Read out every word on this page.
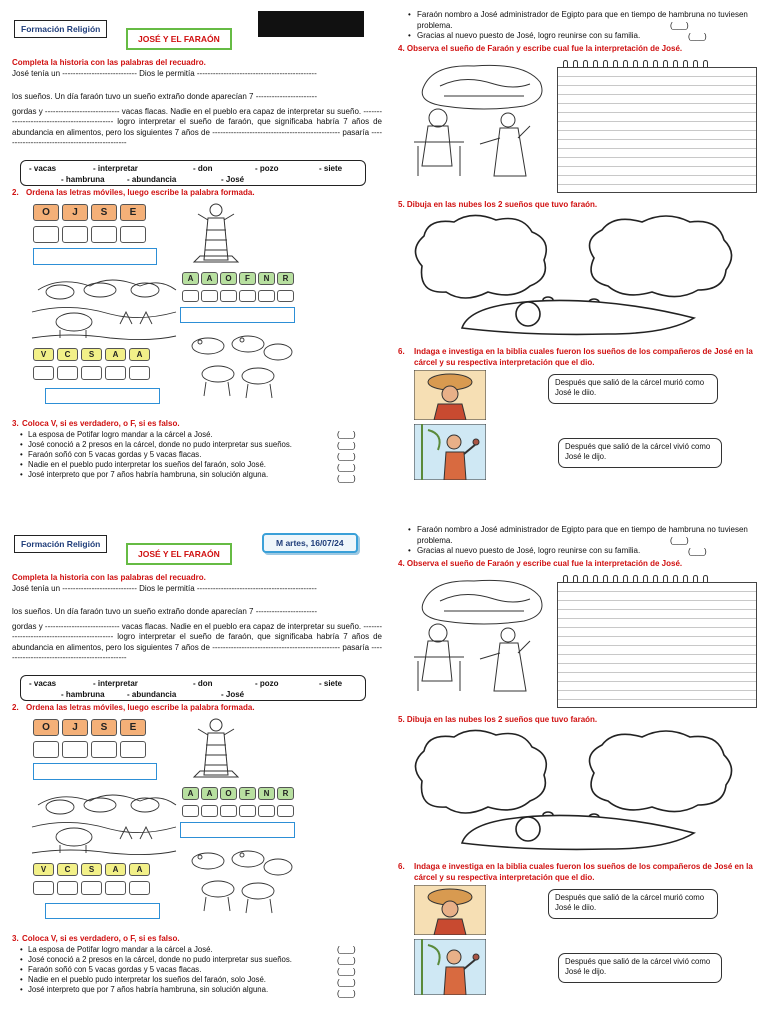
Formación Religión
JOSÉ Y EL FARAÓN
Completa la historia con las palabras del recuadro.
José tenía un ---------------------------- Dios le permitía ---------------------------------------------
los sueños. Un día faraón tuvo un sueño extraño donde aparecían 7 -----------------------
gordas y ---------------------------- vacas flacas. Nadie en el pueblo era capaz de interpretar su sueño. --------------------------------------------- logro interpretar el sueño de faraón, que significaba habría 7 años de abundancia en alimentos, pero los siguientes 7 años de ------------------------------------------------ pasaría -----------------------------------------------
- vacas	- interpretar	- don	- pozo	- siete
- hambruna	- abundancia	- José
2. Ordena las letras móviles, luego escribe la palabra formada.
O	J	S	E
A	A	O	F	N	R
V	C	S	A	A
3. Coloca V, si es verdadero, o F, si es falso.
• La esposa de Potifar logro mandar a la cárcel a José.
• José conoció a 2 presos en la cárcel, donde no pudo interpretar sus sueños.
• Faraón soñó con 5 vacas gordas y 5 vacas flacas.
• Nadie en el pueblo pudo interpretar los sueños del faraón, solo José.
• José interpreto que por 7 años habría hambruna, sin solución alguna.
(___)
(___)
(___)
(___)
(___)
• Faraón nombro a José administrador de Egipto para que en tiempo de hambruna no tuviesen problema.
• Gracias al nuevo puesto de José, logro reunirse con su familia.
(___)
(___)
4. Observa el sueño de Faraón y escribe cual fue la interpretación de José.
5. Dibuja en las nubes los 2 sueños que tuvo faraón.
6. Indaga e investiga en la biblia cuales fueron los sueños de los compañeros de José en la cárcel y su respectiva interpretación que el dio.
Después que salió de la cárcel murió como José le diio.
Después que salió de la cárcel vivió como José le dijo.
Formación Religión
JOSÉ Y EL FARAÓN
M artes, 16/07/24
Completa la historia con las palabras del recuadro.
José tenía un ---------------------------- Dios le permitía ---------------------------------------------
los sueños. Un día faraón tuvo un sueño extraño donde aparecían 7 -----------------------
gordas y ---------------------------- vacas flacas. Nadie en el pueblo era capaz de interpretar su sueño. --------------------------------------------- logro interpretar el sueño de faraón, que significaba habría 7 años de abundancia en alimentos, pero los siguientes 7 años de ------------------------------------------------ pasaría -----------------------------------------------
- vacas	- interpretar	- don	- pozo	- siete
- hambruna	- abundancia	- José
2. Ordena las letras móviles, luego escribe la palabra formada.
O	J	S	E
A	A	O	F	N	R
V	C	S	A	A
3. Coloca V, si es verdadero, o F, si es falso.
• La esposa de Potifar logro mandar a la cárcel a José.
• José conoció a 2 presos en la cárcel, donde no pudo interpretar sus sueños.
• Faraón soñó con 5 vacas gordas y 5 vacas flacas.
• Nadie en el pueblo pudo interpretar los sueños del faraón, solo José.
• José interpreto que por 7 años habría hambruna, sin solución alguna.
(___)
(___)
(___)
(___)
(___)
• Faraón nombro a José administrador de Egipto para que en tiempo de hambruna no tuviesen problema.
• Gracias al nuevo puesto de José, logro reunirse con su familia.
(___)
(___)
4. Observa el sueño de Faraón y escribe cual fue la interpretación de José.
5. Dibuja en las nubes los 2 sueños que tuvo faraón.
6. Indaga e investiga en la biblia cuales fueron los sueños de los compañeros de José en la cárcel y su respectiva interpretación que el dio.
Después que salió de la cárcel murió como José le diio.
Después que salió de la cárcel vivió como José le dijo.
